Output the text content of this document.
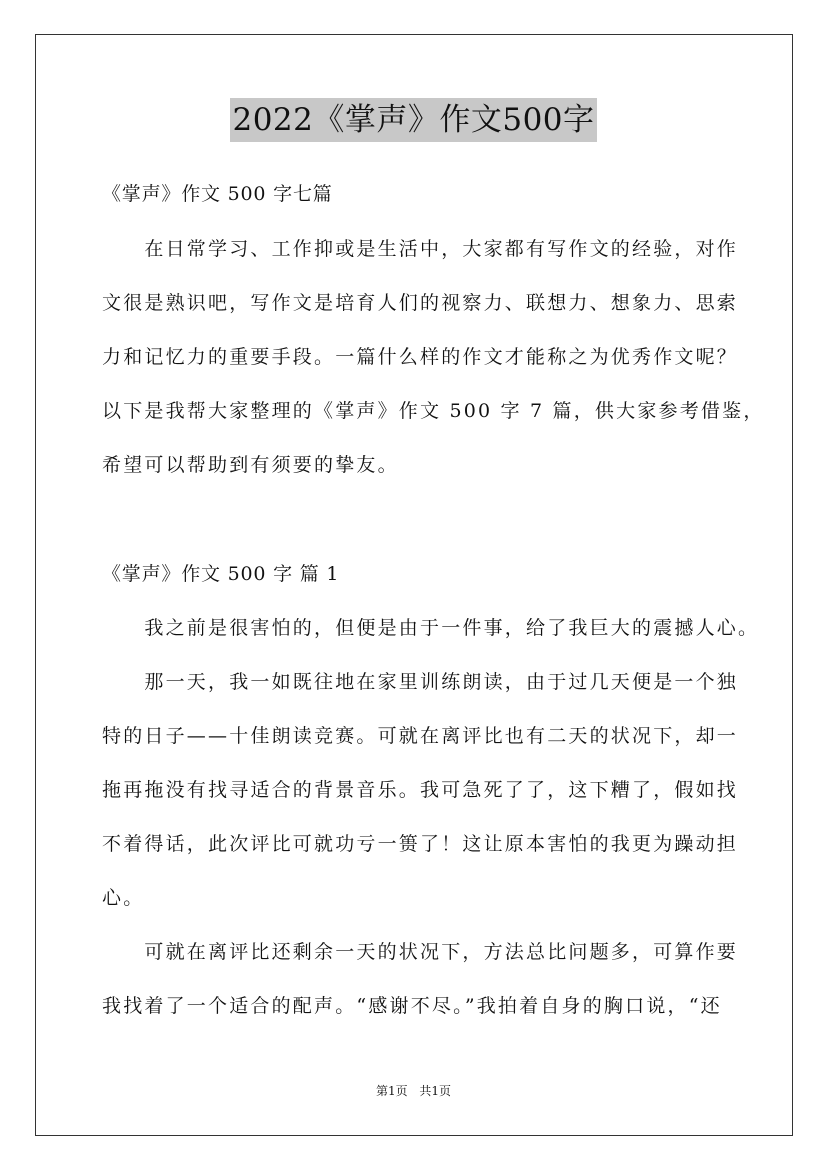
2022《掌声》作文500字
《掌声》作文 500 字七篇
　　在日常学习、工作抑或是生活中，大家都有写作文的经验，对作
文很是熟识吧，写作文是培育人们的视察力、联想力、想象力、思索
力和记忆力的重要手段。一篇什么样的作文才能称之为优秀作文呢？
以下是我帮大家整理的《掌声》作文 500 字 7 篇，供大家参考借鉴，
希望可以帮助到有须要的挚友。
《掌声》作文 500 字 篇 1
　　我之前是很害怕的，但便是由于一件事，给了我巨大的震撼人心。
　　那一天，我一如既往地在家里训练朗读，由于过几天便是一个独
特的日子——十佳朗读竞赛。可就在离评比也有二天的状况下，却一
拖再拖没有找寻适合的背景音乐。我可急死了了，这下糟了，假如找
不着得话，此次评比可就功亏一篑了！这让原本害怕的我更为躁动担
心。
　　可就在离评比还剩余一天的状况下，方法总比问题多，可算作要
我找着了一个适合的配声。“感谢不尽。”我拍着自身的胸口说，“还
第1页 共1页
